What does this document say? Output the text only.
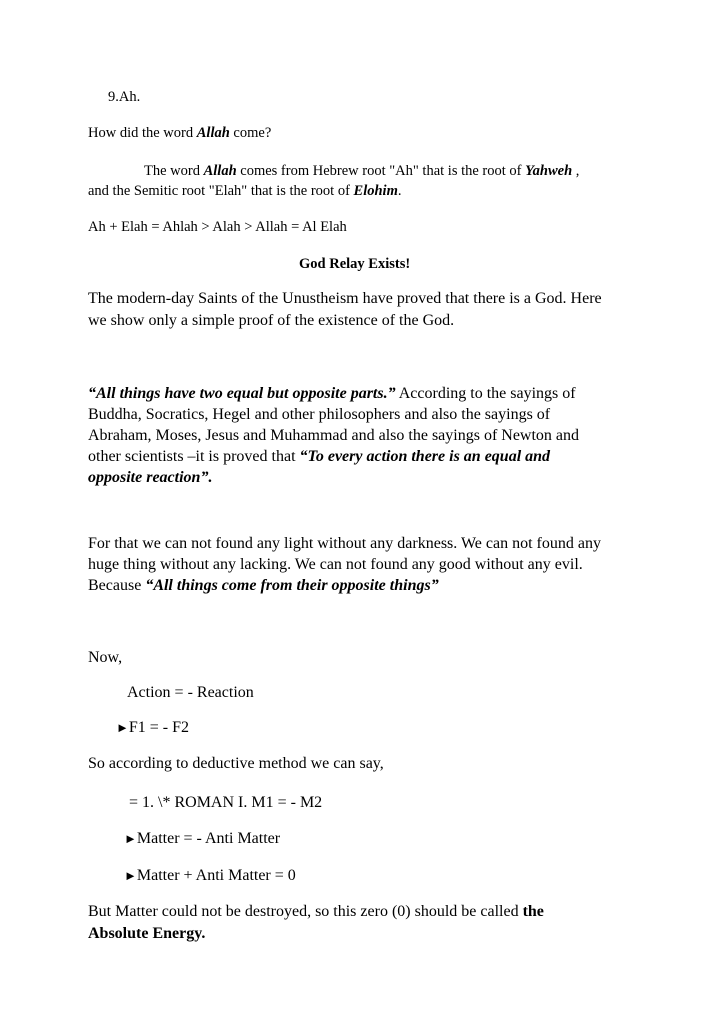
9.Ah.
How did the word Allah come?
The word Allah comes from Hebrew root "Ah" that is the root of Yahweh ,
and the Semitic root "Elah" that is the root of Elohim.
Ah + Elah = Ahlah > Alah > Allah = Al Elah
God Relay Exists!
The modern-day Saints of the Unustheism have proved that there is a God. Here
we show only a simple proof of the existence of the God.
“All things have two equal but opposite parts.” According to the sayings of
Buddha, Socratics, Hegel and other philosophers and also the sayings of
Abraham, Moses, Jesus and Muhammad and also the sayings of Newton and
other scientists –it is proved that “To every action there is an equal and
opposite reaction”.
For that we can not found any light without any darkness. We can not found any
huge thing without any lacking. We can not found any good without any evil.
Because “All things come from their opposite things”
Now,
Action = - Reaction
►F1 = - F2
So according to deductive method we can say,
= 1. \* ROMAN I. M1 = - M2
►Matter = - Anti Matter
►Matter + Anti Matter = 0
But Matter could not be destroyed, so this zero (0) should be called the
Absolute Energy.
